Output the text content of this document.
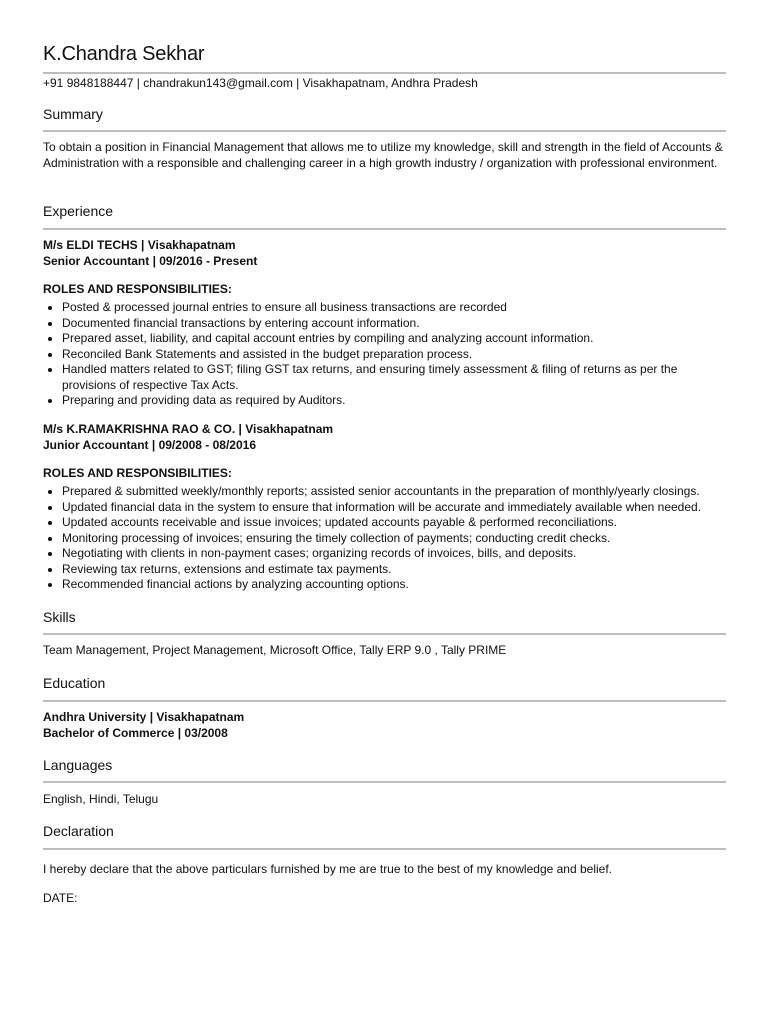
K.Chandra Sekhar
+91 9848188447 | chandrakun143@gmail.com | Visakhapatnam, Andhra Pradesh
Summary

To obtain a position in Financial Management that allows me to utilize my knowledge, skill and strength in the field of Accounts & Administration with a responsible and challenging career in a high growth industry / organization with professional environment.

Experience

M/s ELDI TECHS | Visakhapatnam

Senior Accountant | 09/2016 - Present

ROLES AND RESPONSIBILITIES:

• Posted & processed journal entries to ensure all business transactions are recorded
• Documented financial transactions by entering account information.
• Prepared asset, liability, and capital account entries by compiling and analyzing account information.
• Reconciled Bank Statements and assisted in the budget preparation process.
• Handled matters related to GST; filing GST tax returns, and ensuring timely assessment & filing of returns as per the provisions of respective Tax Acts.
• Preparing and providing data as required by Auditors.

M/s K.RAMAKRISHNA RAO & CO. | Visakhapatnam

Junior Accountant | 09/2008 - 08/2016

ROLES AND RESPONSIBILITIES:

• Prepared & submitted weekly/monthly reports; assisted senior accountants in the preparation of monthly/yearly closings.
• Updated financial data in the system to ensure that information will be accurate and immediately available when needed.
• Updated accounts receivable and issue invoices; updated accounts payable & performed reconciliations.
• Monitoring processing of invoices; ensuring the timely collection of payments; conducting credit checks.
• Negotiating with clients in non-payment cases; organizing records of invoices, bills, and deposits.
• Reviewing tax returns, extensions and estimate tax payments.
• Recommended financial actions by analyzing accounting options.
Skills

Team Management, Project Management, Microsoft Office, Tally ERP 9.0 , Tally PRIME

Education

Andhra University | Visakhapatnam

Bachelor of Commerce | 03/2008

Languages

English, Hindi, Telugu

Declaration

I hereby declare that the above particulars furnished by me are true to the best of my knowledge and belief.

DATE:
